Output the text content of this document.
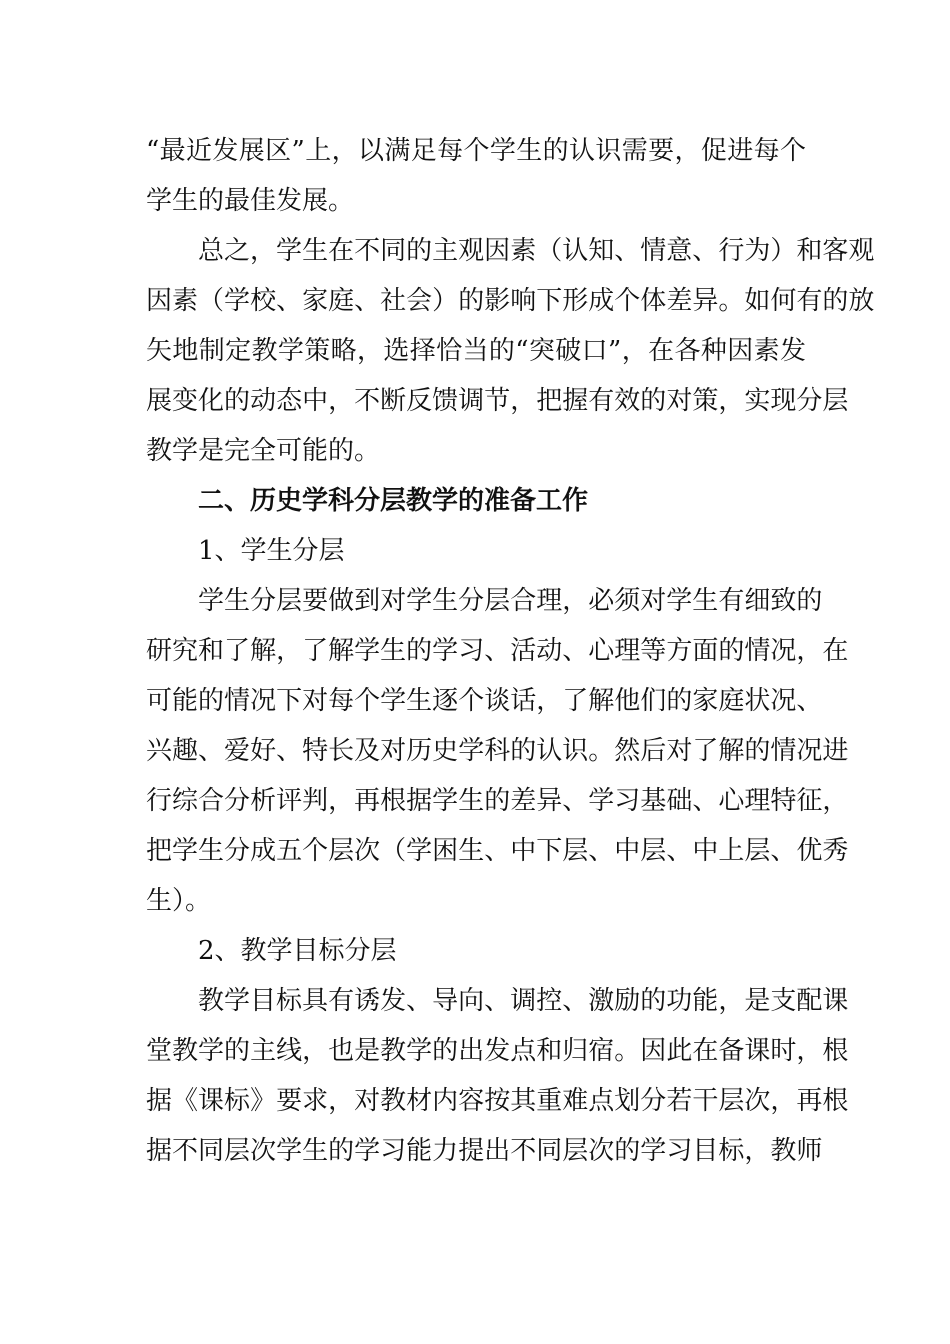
“ 最 近 发 展 区 ” 上 ， 以 满 足 每 个 学 生 的 认 识 需 要 ， 促 进 每 个
学生的最佳发展。
总 之 ， 学 生 在 不 同 的 主 观 因 素 （ 认 知 、 情 意 、 行 为 ） 和 客 观
因 素 （ 学 校 、 家 庭 、 社 会 ） 的 影 响 下 形 成 个 体 差 异 。 如 何 有 的 放
矢 地 制 定 教 学 策 略 ， 选 择 恰 当 的 “ 突 破 口 ” ， 在 各 种 因 素 发
展 变 化 的 动 态 中 ， 不 断 反 馈 调 节 ， 把 握 有 效 的 对 策 ， 实 现 分 层
教学是完全可能的。
二、历史学科分层教学的准备工作
1、学生分层
学 生 分 层 要 做 到 对 学 生 分 层 合 理 ， 必 须 对 学 生 有 细 致 的
研 究 和 了 解 ， 了 解 学 生 的 学 习 、 活 动 、 心 理 等 方 面 的 情 况 ， 在
可 能 的 情 况 下 对 每 个 学 生 逐 个 谈 话 ， 了 解 他 们 的 家 庭 状 况 、
兴 趣 、 爱 好 、 特 长 及 对 历 史 学 科 的 认 识 。 然 后 对 了 解 的 情 况 进
行 综 合 分 析 评 判 ， 再 根 据 学 生 的 差 异 、 学 习 基 础 、 心 理 特 征 ，
把 学 生 分 成 五 个 层 次 （ 学 困 生 、 中 下 层 、 中 层 、 中 上 层 、 优 秀
生）。
2、教学目标分层
教 学 目 标 具 有 诱 发 、 导 向 、 调 控 、 激 励 的 功 能 ， 是 支 配 课
堂 教 学 的 主 线 ， 也 是 教 学 的 出 发 点 和 归 宿 。 因 此 在 备 课 时 ， 根
据 《 课 标 》 要 求 ， 对 教 材 内 容 按 其 重 难 点 划 分 若 干 层 次 ， 再 根
据 不 同 层 次 学 生 的 学 习 能 力 提 出 不 同 层 次 的 学 习 目 标 ， 教 师
